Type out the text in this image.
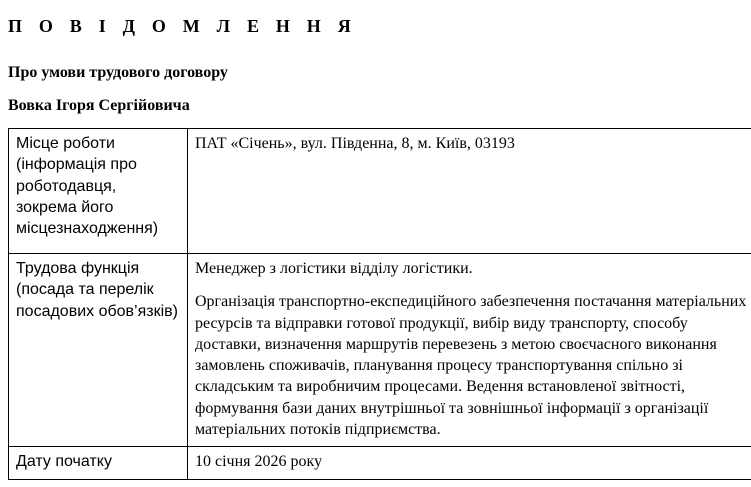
П О В І Д О М Л Е Н Н Я
Про умови трудового договору
Вовка Ігоря Сергійовича
Місце роботи (інформація про роботодавця, зокрема його місцезнаходження)	ПАТ «Січень», вул. Південна, 8, м. Київ, 03193

Трудова функція (посада та перелік посадових обов’язків)	Менеджер з логістики відділу логістики.

Організація транспортно-експедиційного забезпечення постачання матеріальних ресурсів та відправки готової продукції, вибір виду транспорту, способу доставки, визначення маршрутів перевезень з метою своєчасного виконання замовлень споживачів, планування процесу транспортування спільно зі складським та виробничим процесами. Ведення встановленої звітності, формування бази даних внутрішньої та зовнішньої інформації з організації матеріальних потоків підприємства.

Дату початку	10 січня 2026 року
